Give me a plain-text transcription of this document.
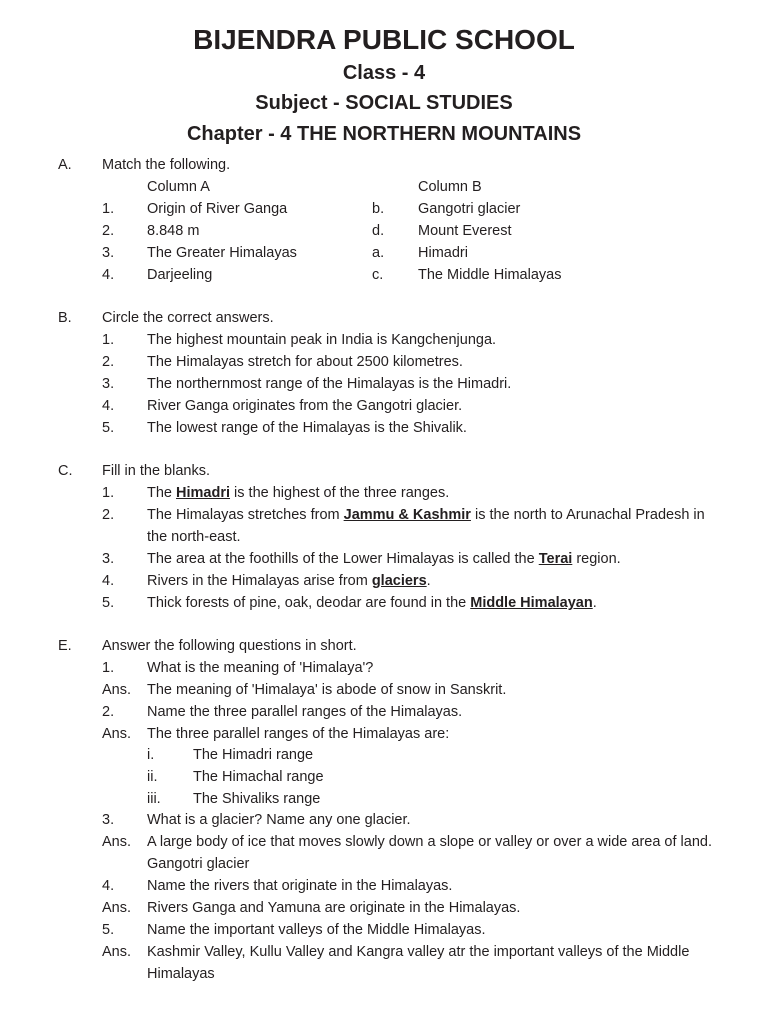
BIJENDRA PUBLIC SCHOOL
Class - 4
Subject - SOCIAL STUDIES
Chapter - 4 THE NORTHERN MOUNTAINS
A. Match the following.
Column A	Column B
1. Origin of River Ganga	b. Gangotri glacier
2. 8.848 m	d. Mount Everest
3. The Greater Himalayas	a. Himadri
4. Darjeeling	c. The Middle Himalayas
B. Circle the correct answers.
1. The highest mountain peak in India is Kangchenjunga.
2. The Himalayas stretch for about 2500 kilometres.
3. The northernmost range of the Himalayas is the Himadri.
4. River Ganga originates from the Gangotri glacier.
5. The lowest range of the Himalayas is the Shivalik.
C. Fill in the blanks.
1. The Himadri is the highest of the three ranges.
2. The Himalayas stretches from Jammu & Kashmir is the north to Arunachal Pradesh in
the north-east.
3. The area at the foothills of the Lower Himalayas is called the Terai region.
4. Rivers in the Himalayas arise from glaciers.
5. Thick forests of pine, oak, deodar are found in the Middle Himalayan.
E. Answer the following questions in short.
1. What is the meaning of 'Himalaya'?
Ans. The meaning of 'Himalaya' is abode of snow in Sanskrit.
2. Name the three parallel ranges of the Himalayas.
Ans. The three parallel ranges of the Himalayas are:
i.	The Himadri range
ii. The Himachal range
iii. The Shivaliks range
3. What is a glacier? Name any one glacier.
Ans. A large body of ice that moves slowly down a slope or valley or over a wide area of land.
Gangotri glacier
4. Name the rivers that originate in the Himalayas.
Ans. Rivers Ganga and Yamuna are originate in the Himalayas.
5. Name the important valleys of the Middle Himalayas.
Ans. Kashmir Valley, Kullu Valley and Kangra valley atr the important valleys of the Middle
Himalayas
